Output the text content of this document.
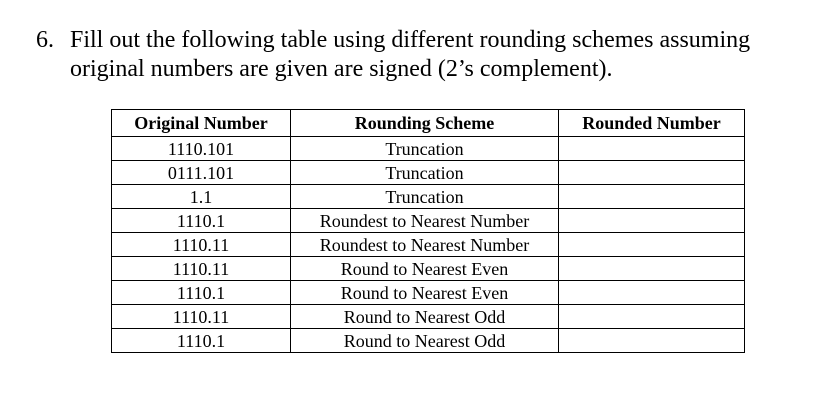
6. Fill out the following table using different rounding schemes assuming
original numbers are given are signed (2’s complement).
Original Number	Rounding Scheme	Rounded Number
1110.101	Truncation	
0111.101	Truncation	
1.1	Truncation	
1110.1	Roundest to Nearest Number	
1110.11	Roundest to Nearest Number	
1110.11	Round to Nearest Even	
1110.1	Round to Nearest Even	
1110.11	Round to Nearest Odd	
1110.1	Round to Nearest Odd	
